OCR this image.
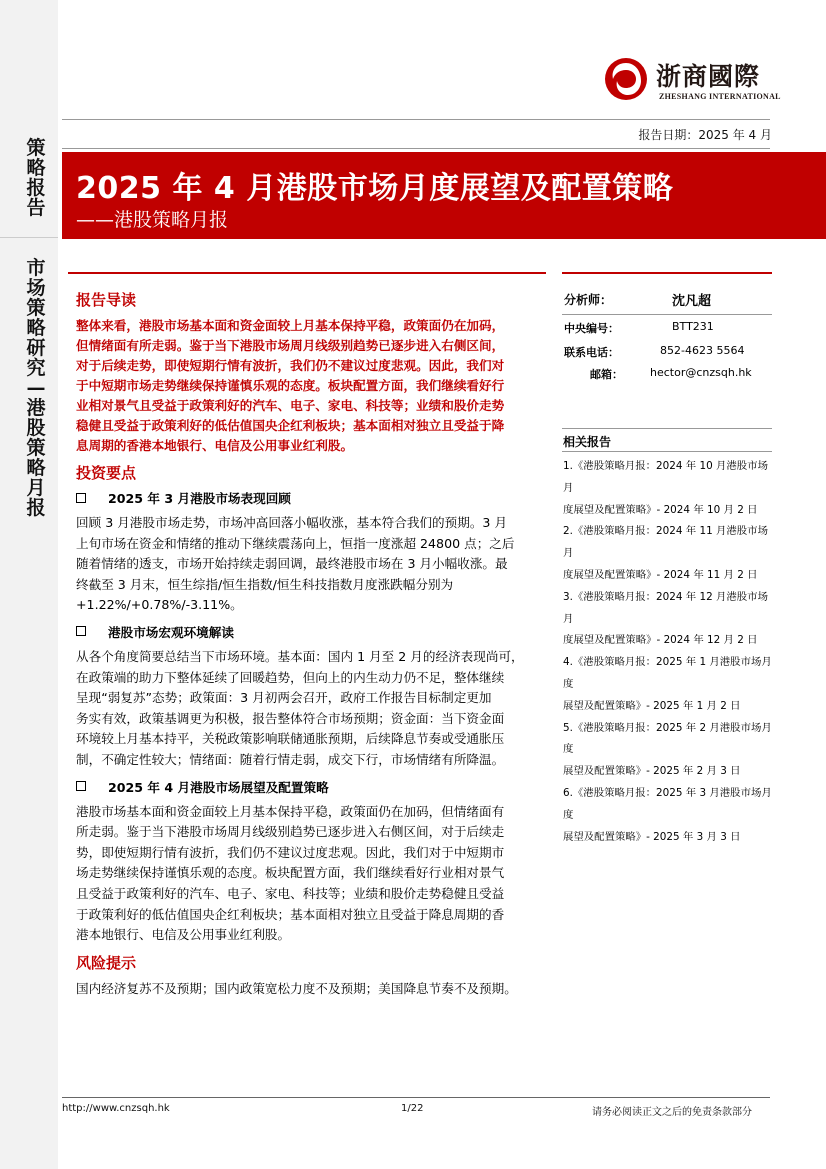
策
略
报
告
市
场
策
略
研
究
—
港
股
策
略
月
报
浙商國際
ZHESHANG INTERNATIONAL
报告日期：2025 年 4 月
2025 年 4 月港股市场月度展望及配置策略
——港股策略月报
报告导读
整体来看，港股市场基本面和资金面较上月基本保持平稳，政策面仍在加码，
但情绪面有所走弱。鉴于当下港股市场周月线级别趋势已逐步进入右侧区间，
对于后续走势，即使短期行情有波折，我们仍不建议过度悲观。因此，我们对
于中短期市场走势继续保持谨慎乐观的态度。板块配置方面，我们继续看好行
业相对景气且受益于政策利好的汽车、电子、家电、科技等；业绩和股价走势
稳健且受益于政策利好的低估值国央企红利板块；基本面相对独立且受益于降
息周期的香港本地银行、电信及公用事业红利股。
投资要点
2025 年 3 月港股市场表现回顾
回顾 3 月港股市场走势，市场冲高回落小幅收涨，基本符合我们的预期。3 月
上旬市场在资金和情绪的推动下继续震荡向上，恒指一度涨超 24800 点；之后
随着情绪的透支，市场开始持续走弱回调，最终港股市场在 3 月小幅收涨。最
终截至 3 月末，恒生综指/恒生指数/恒生科技指数月度涨跌幅分别为
+1.22%/+0.78%/-3.11%。
港股市场宏观环境解读
从各个角度简要总结当下市场环境。基本面：国内 1 月至 2 月的经济表现尚可，
在政策端的助力下整体延续了回暖趋势，但向上的内生动力仍不足，整体继续
呈现“弱复苏”态势；政策面：3 月初两会召开，政府工作报告目标制定更加
务实有效，政策基调更为积极，报告整体符合市场预期；资金面：当下资金面
环境较上月基本持平，关税政策影响联储通胀预期，后续降息节奏或受通胀压
制，不确定性较大；情绪面：随着行情走弱，成交下行，市场情绪有所降温。
2025 年 4 月港股市场展望及配置策略
港股市场基本面和资金面较上月基本保持平稳，政策面仍在加码，但情绪面有
所走弱。鉴于当下港股市场周月线级别趋势已逐步进入右侧区间，对于后续走
势，即使短期行情有波折，我们仍不建议过度悲观。因此，我们对于中短期市
场走势继续保持谨慎乐观的态度。板块配置方面，我们继续看好行业相对景气
且受益于政策利好的汽车、电子、家电、科技等；业绩和股价走势稳健且受益
于政策利好的低估值国央企红利板块；基本面相对独立且受益于降息周期的香
港本地银行、电信及公用事业红利股。
风险提示
国内经济复苏不及预期；国内政策宽松力度不及预期；美国降息节奏不及预期。
分析师：	沈凡超
中央编号：	BTT231
联系电话：	852-4623 5564
邮箱： hector@cnzsqh.hk
相关报告
1.《港股策略月报：2024 年 10 月港股市场月
度展望及配置策略》- 2024 年 10 月 2 日
2.《港股策略月报：2024 年 11 月港股市场月
度展望及配置策略》- 2024 年 11 月 2 日
3.《港股策略月报：2024 年 12 月港股市场月
度展望及配置策略》- 2024 年 12 月 2 日
4.《港股策略月报：2025 年 1 月港股市场月度
展望及配置策略》- 2025 年 1 月 2 日
5.《港股策略月报：2025 年 2 月港股市场月度
展望及配置策略》- 2025 年 2 月 3 日
6.《港股策略月报：2025 年 3 月港股市场月度
展望及配置策略》- 2025 年 3 月 3 日
http://www.cnzsqh.hk	1/22	请务必阅读正文之后的免责条款部分
